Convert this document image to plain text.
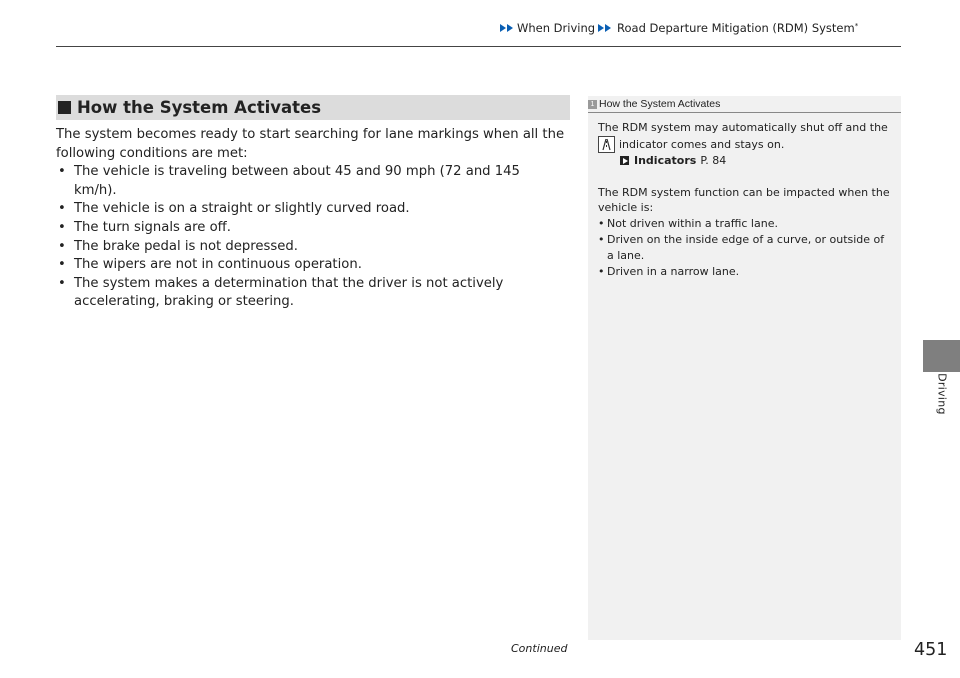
When Driving Road Departure Mitigation (RDM) System*
How the System Activates

The system becomes ready to start searching for lane markings when all the following conditions are met:

• The vehicle is traveling between about 45 and 90 mph (72 and 145 km/h).
• The vehicle is on a straight or slightly curved road.
• The turn signals are off.
• The brake pedal is not depressed.
• The wipers are not in continuous operation.
• The system makes a determination that the driver is not actively accelerating, braking or steering.
1 How the System Activates

The RDM system may automatically shut off and the

indicator comes and stays on.

Indicators P. 84

The RDM system function can be impacted when the vehicle is:

• Not driven within a traffic lane.
• Driven on the inside edge of a curve, or outside of a lane.
• Driven in a narrow lane.
Driving
Continued	451
